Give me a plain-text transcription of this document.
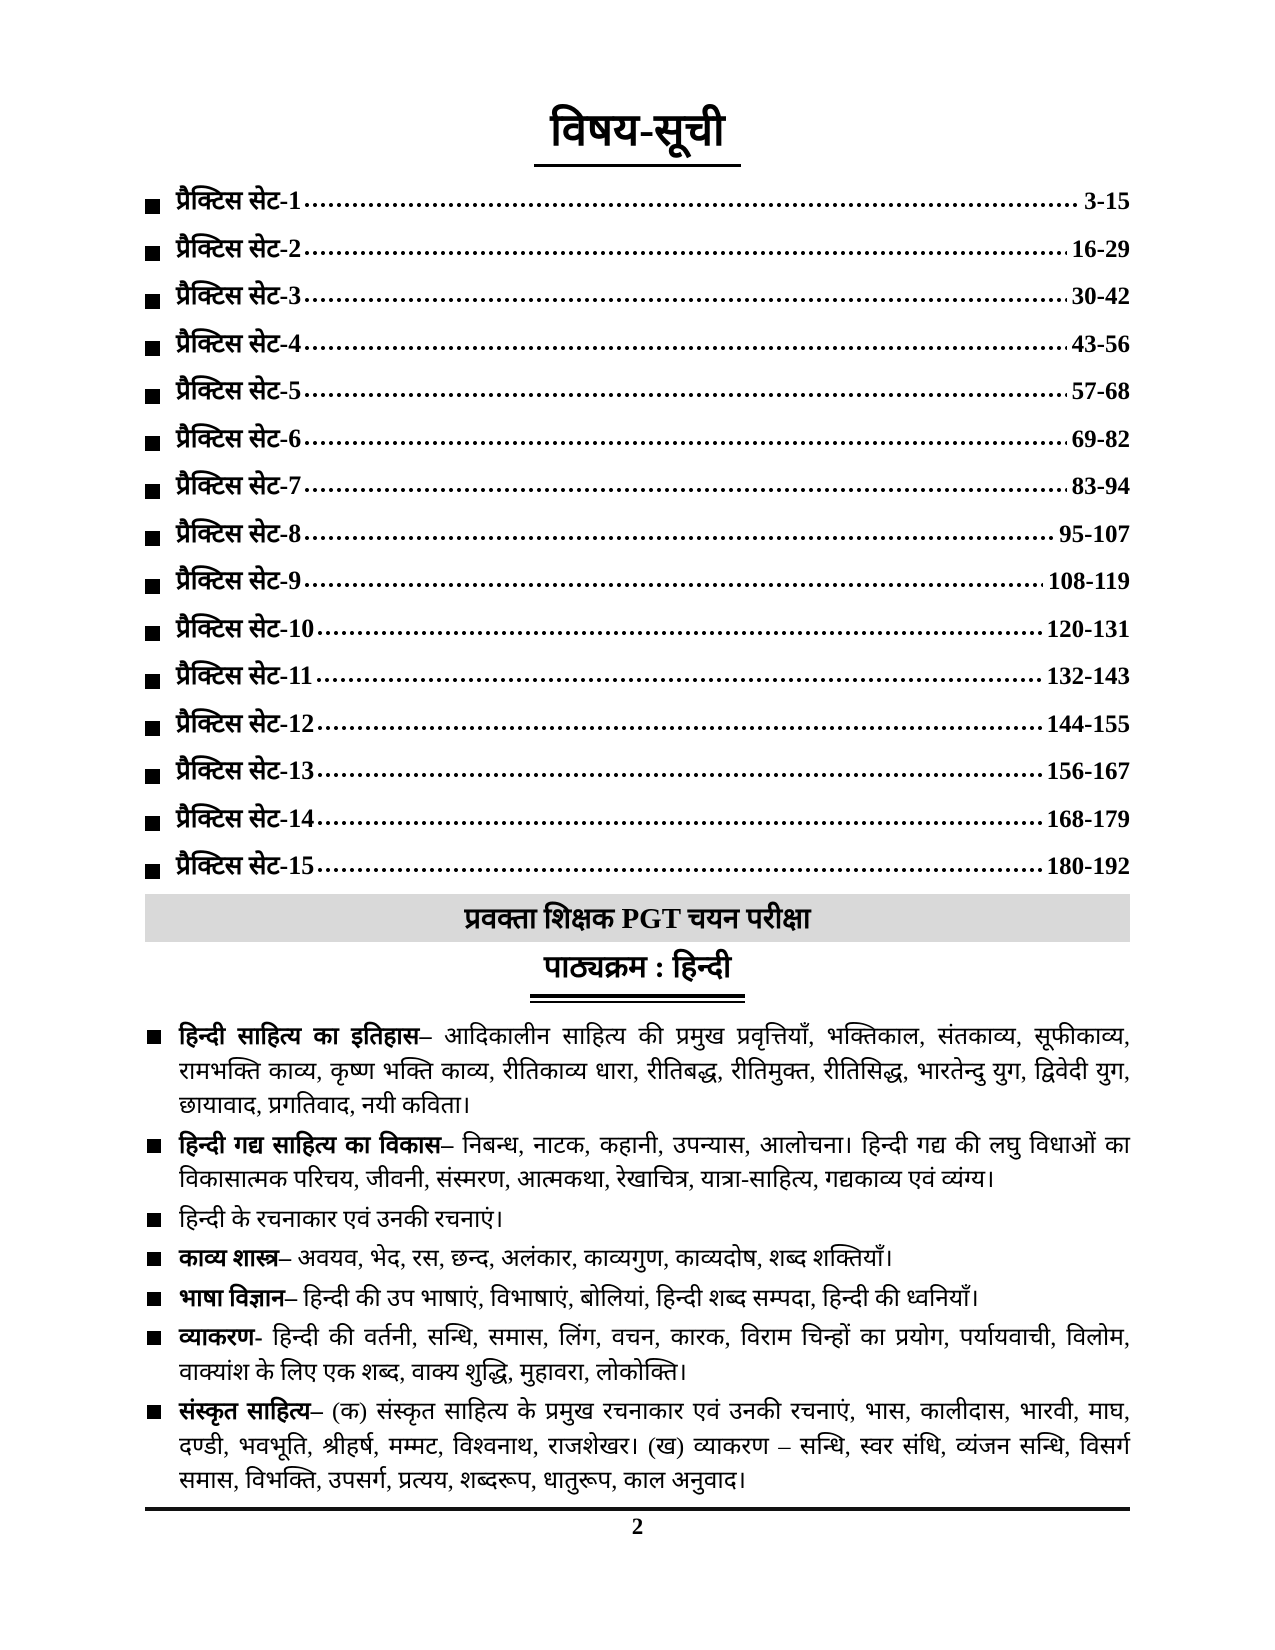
विषय-सूची
प्रैक्टिस सेट-1	3-15
प्रैक्टिस सेट-2	16-29
प्रैक्टिस सेट-3	30-42
प्रैक्टिस सेट-4	43-56
प्रैक्टिस सेट-5	57-68
प्रैक्टिस सेट-6	69-82
प्रैक्टिस सेट-7	83-94
प्रैक्टिस सेट-8	95-107
प्रैक्टिस सेट-9	108-119
प्रैक्टिस सेट-10	120-131
प्रैक्टिस सेट-11	132-143
प्रैक्टिस सेट-12	144-155
प्रैक्टिस सेट-13	156-167
प्रैक्टिस सेट-14	168-179
प्रैक्टिस सेट-15	180-192
प्रवक्ता शिक्षक PGT चयन परीक्षा
पाठ्यक्रम : हिन्दी
हिन्दी साहित्य का इतिहास– आदिकालीन साहित्य की प्रमुख प्रवृत्तियाँ, भक्तिकाल, संतकाव्य, सूफीकाव्य, रामभक्ति काव्य, कृष्ण भक्ति काव्य, रीतिकाव्य धारा, रीतिबद्ध, रीतिमुक्त, रीतिसिद्ध, भारतेन्दु युग, द्विवेदी युग, छायावाद, प्रगतिवाद, नयी कविता।
हिन्दी गद्य साहित्य का विकास– निबन्ध, नाटक, कहानी, उपन्यास, आलोचना। हिन्दी गद्य की लघु विधाओं का विकासात्मक परिचय, जीवनी, संस्मरण, आत्मकथा, रेखाचित्र, यात्रा-साहित्य, गद्यकाव्य एवं व्यंग्य।
हिन्दी के रचनाकार एवं उनकी रचनाएं।
काव्य शास्त्र– अवयव, भेद, रस, छन्द, अलंकार, काव्यगुण, काव्यदोष, शब्द शक्तियाँ।
भाषा विज्ञान– हिन्दी की उप भाषाएं, विभाषाएं, बोलियां, हिन्दी शब्द सम्पदा, हिन्दी की ध्वनियाँ।
व्याकरण- हिन्दी की वर्तनी, सन्धि, समास, लिंग, वचन, कारक, विराम चिन्हों का प्रयोग, पर्यायवाची, विलोम, वाक्यांश के लिए एक शब्द, वाक्य शुद्धि, मुहावरा, लोकोक्ति।
संस्कृत साहित्य– (क) संस्कृत साहित्य के प्रमुख रचनाकार एवं उनकी रचनाएं, भास, कालीदास, भारवी, माघ, दण्डी, भवभूति, श्रीहर्ष, मम्मट, विश्वनाथ, राजशेखर। (ख) व्याकरण – सन्धि, स्वर संधि, व्यंजन सन्धि, विसर्ग समास, विभक्ति, उपसर्ग, प्रत्यय, शब्दरूप, धातुरूप, काल अनुवाद।
2
